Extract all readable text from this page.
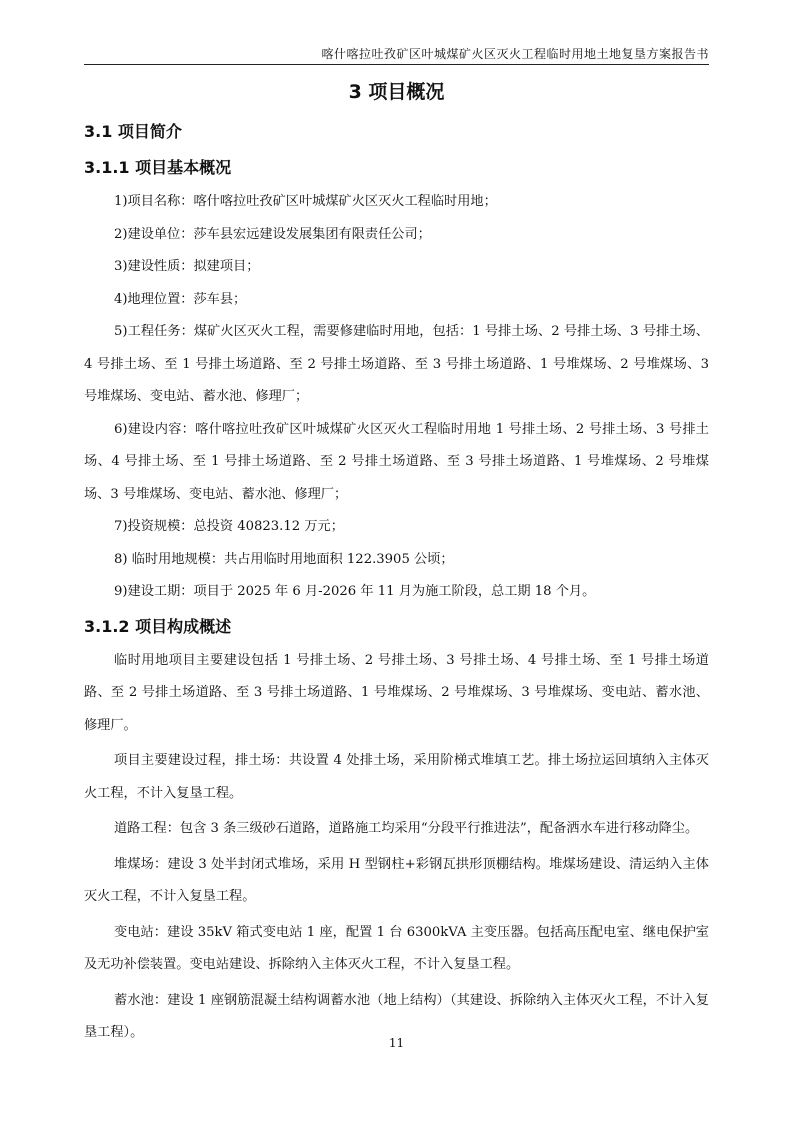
喀什喀拉吐孜矿区叶城煤矿火区灭火工程临时用地土地复垦方案报告书
3 项目概况
3.1 项目简介
3.1.1 项目基本概况

1)项目名称：喀什喀拉吐孜矿区叶城煤矿火区灭火工程临时用地；

2)建设单位：莎车县宏远建设发展集团有限责任公司；

3)建设性质：拟建项目；

4)地理位置：莎车县；

5)工程任务：煤矿火区灭火工程，需要修建临时用地，包括：1 号排土场、2 号排土场、3 号排土场、4 号排土场、至 1 号排土场道路、至 2 号排土场道路、至 3 号排土场道路、1 号堆煤场、2 号堆煤场、3 号堆煤场、变电站、蓄水池、修理厂；

6)建设内容：喀什喀拉吐孜矿区叶城煤矿火区灭火工程临时用地 1 号排土场、2 号排土场、3 号排土场、4 号排土场、至 1 号排土场道路、至 2 号排土场道路、至 3 号排土场道路、1 号堆煤场、2 号堆煤场、3 号堆煤场、变电站、蓄水池、修理厂；

7)投资规模：总投资 40823.12 万元；

8) 临时用地规模：共占用临时用地面积 122.3905 公顷；

9)建设工期：项目于 2025 年 6 月-2026 年 11 月为施工阶段，总工期 18 个月。

3.1.2 项目构成概述

临时用地项目主要建设包括 1 号排土场、2 号排土场、3 号排土场、4 号排土场、至 1 号排土场道路、至 2 号排土场道路、至 3 号排土场道路、1 号堆煤场、2 号堆煤场、3 号堆煤场、变电站、蓄水池、修理厂。

项目主要建设过程，排土场：共设置 4 处排土场，采用阶梯式堆填工艺。排土场拉运回填纳入主体灭火工程，不计入复垦工程。

道路工程：包含 3 条三级砂石道路，道路施工均采用“分段平行推进法”，配备洒水车进行移动降尘。

堆煤场：建设 3 处半封闭式堆场，采用 H 型钢柱+彩钢瓦拱形顶棚结构。堆煤场建设、清运纳入主体灭火工程，不计入复垦工程。

变电站：建设 35kV 箱式变电站 1 座，配置 1 台 6300kVA 主变压器。包括高压配电室、继电保护室及无功补偿装置。变电站建设、拆除纳入主体灭火工程，不计入复垦工程。

蓄水池：建设 1 座钢筋混凝土结构调蓄水池（地上结构）（其建设、拆除纳入主体灭火工程，不计入复垦工程）。

11
